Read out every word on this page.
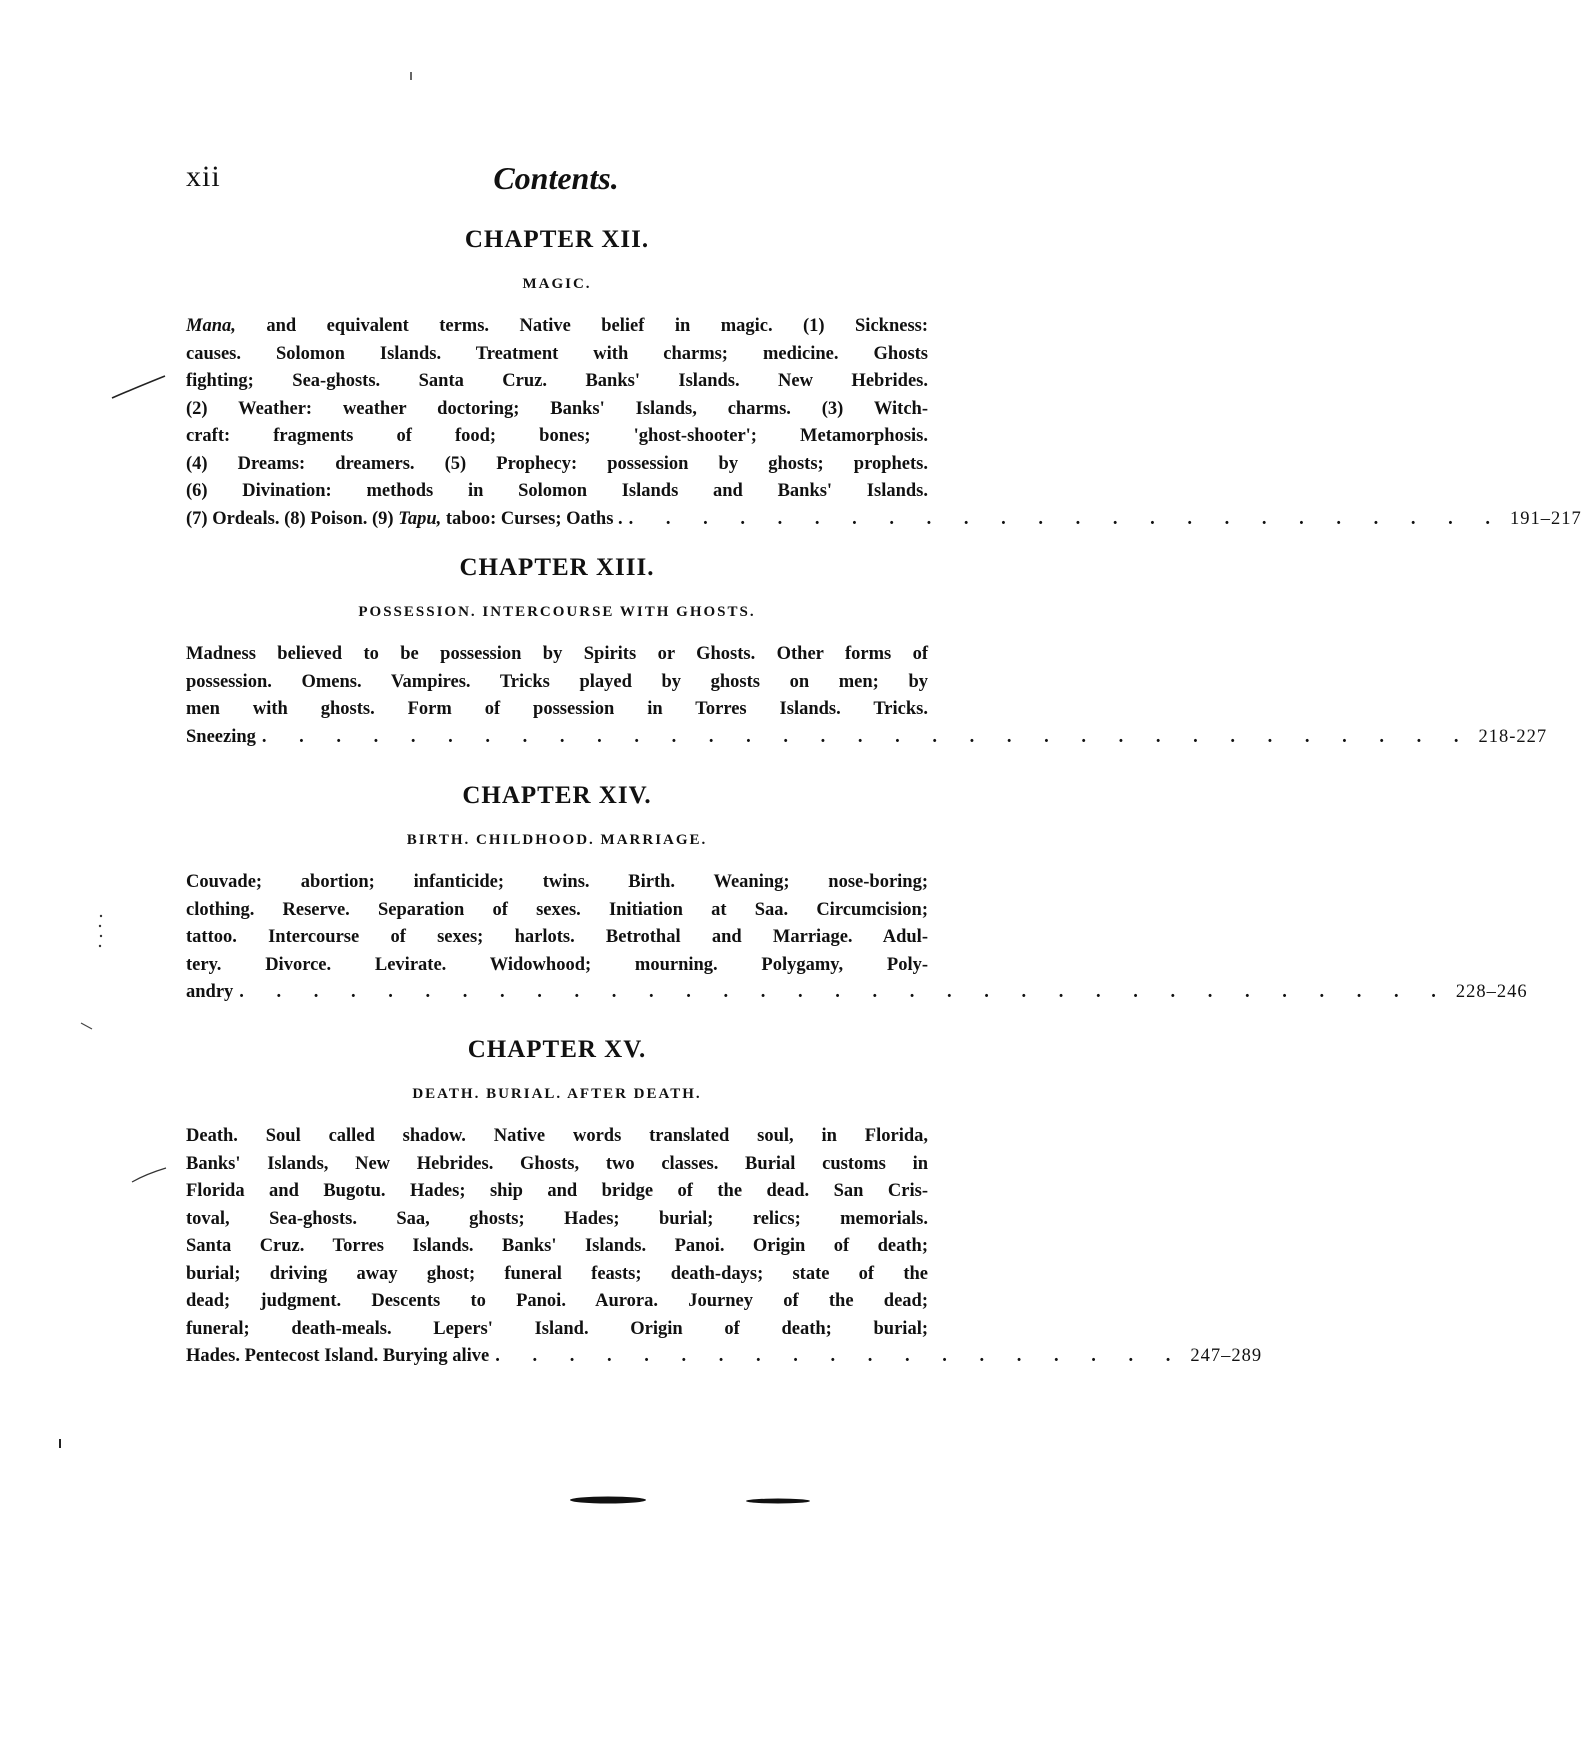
xii	Contents.
CHAPTER XII.
MAGIC.
Mana, and equivalent terms. Native belief in magic. (1) Sickness:
causes. Solomon Islands. Treatment with charms; medicine. Ghosts
fighting; Sea-ghosts. Santa Cruz. Banks' Islands. New Hebrides.
(2) Weather: weather doctoring; Banks' Islands, charms. (3) Witch-
craft: fragments of food; bones; 'ghost-shooter'; Metamorphosis.
(4) Dreams: dreamers. (5) Prophecy: possession by ghosts; prophets.
(6) Divination: methods in Solomon Islands and Banks' Islands.
(7) Ordeals. (8) Poison. (9) Tapu, taboo: Curses; Oaths . . . . . . . . . . . . . . . . . . . . . . . . . 191–217
CHAPTER XIII.
POSSESSION. INTERCOURSE WITH GHOSTS.
Madness believed to be possession by Spirits or Ghosts. Other forms of
possession. Omens. Vampires. Tricks played by ghosts on men; by
men with ghosts. Form of possession in Torres Islands. Tricks.
Sneezing . . . . . . . . . . . . . . . . . . . . . . . . . . . . . . . . . 218-227
CHAPTER XIV.
BIRTH. CHILDHOOD. MARRIAGE.
Couvade; abortion; infanticide; twins. Birth. Weaning; nose-boring;
clothing. Reserve. Separation of sexes. Initiation at Saa. Circumcision;
tattoo. Intercourse of sexes; harlots. Betrothal and Marriage. Adul-
tery. Divorce. Levirate. Widowhood; mourning. Polygamy, Poly-
andry . . . . . . . . . . . . . . . . . . . . . . . . . . . . . . . . . 228–246
CHAPTER XV.
DEATH. BURIAL. AFTER DEATH.
Death. Soul called shadow. Native words translated soul, in Florida,
Banks' Islands, New Hebrides. Ghosts, two classes. Burial customs in
Florida and Bugotu. Hades; ship and bridge of the dead. San Cris-
toval, Sea-ghosts. Saa, ghosts; Hades; burial; relics; memorials.
Santa Cruz. Torres Islands. Banks' Islands. Panoi. Origin of death;
burial; driving away ghost; funeral feasts; death-days; state of the
dead; judgment. Descents to Panoi. Aurora. Journey of the dead;
funeral; death-meals. Lepers' Island. Origin of death; burial;
Hades. Pentecost Island. Burying alive . . . . . . . . . . . . . . . . . . . 247–289
